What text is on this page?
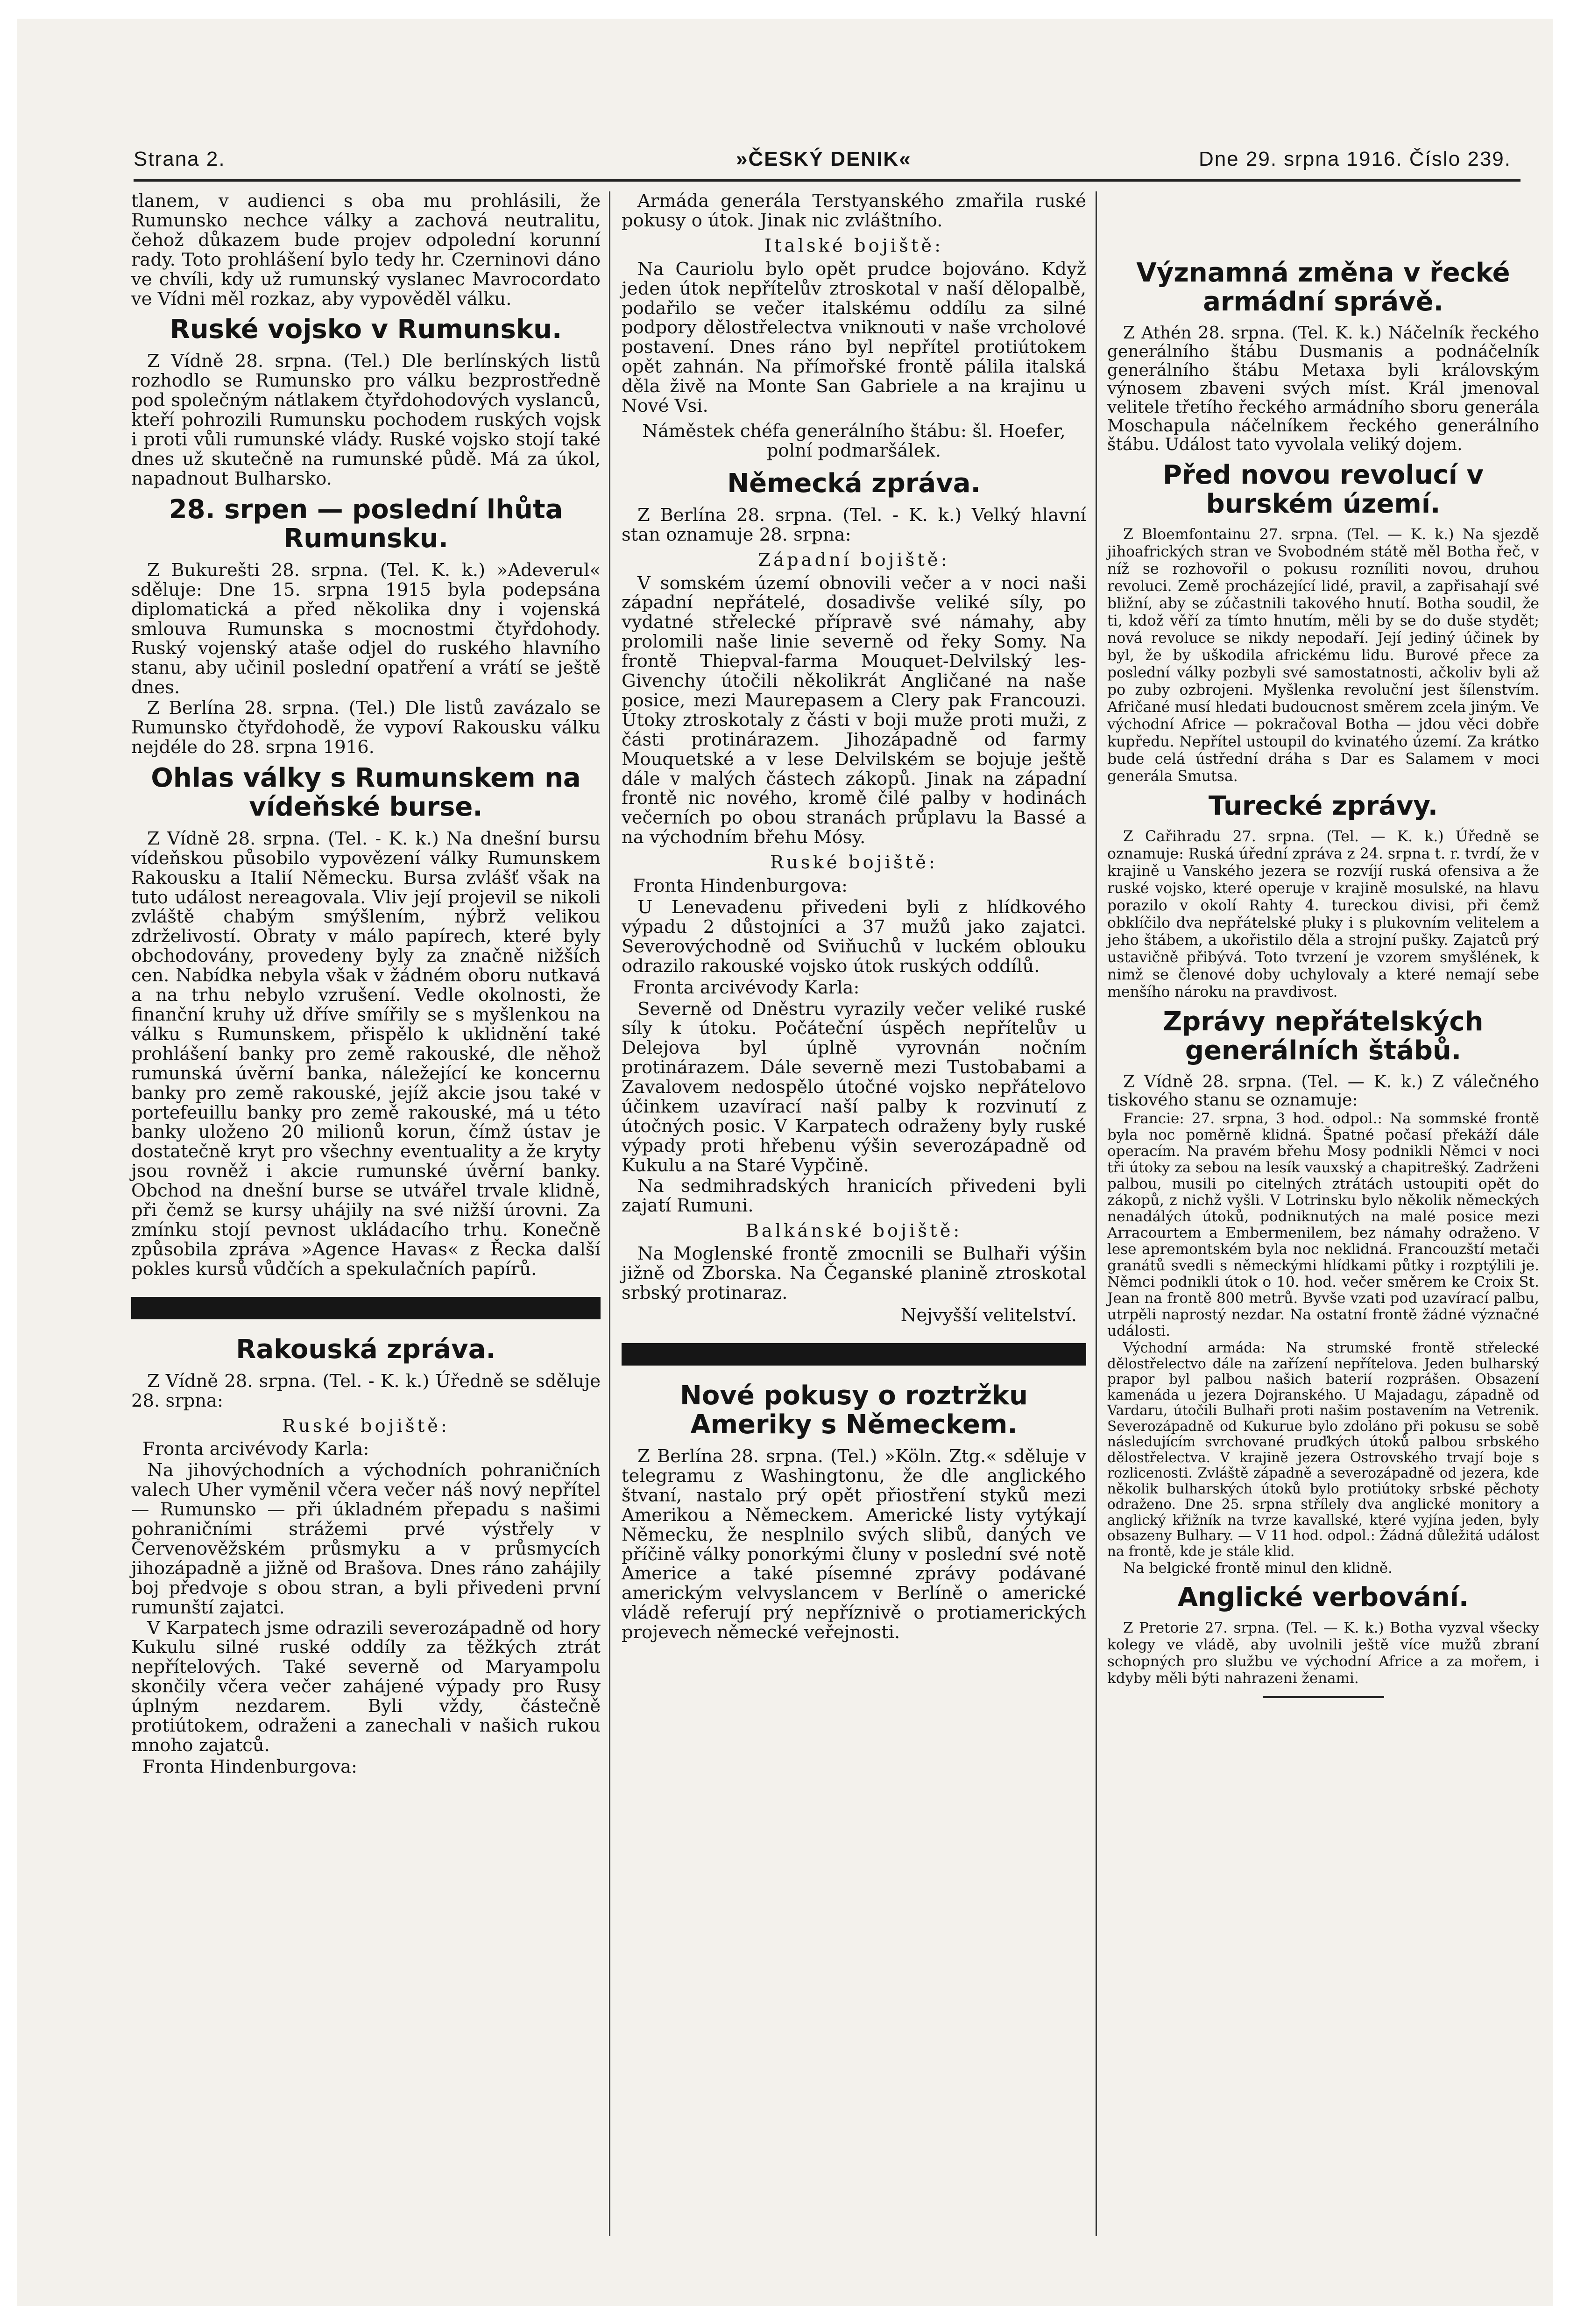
Strana 2.	»ČESKÝ DENIK«	Dne 29. srpna 1916. Číslo 239.

tlanem, v audienci s oba mu prohlásili, že Rumunsko nechce války a zachová neutralitu, čehož důkazem bude projev odpolední korunní rady. Toto prohlášení bylo tedy hr. Czerninovi dáno ve chvíli, kdy už rumunský vyslanec Mavrocordato ve Vídni měl rozkaz, aby vypověděl válku.

Ruské vojsko v Rumunsku.

Z Vídně 28. srpna. (Tel.) Dle berlínských listů rozhodlo se Rumunsko pro válku bezprostředně pod společným nátlakem čtyřdohodových vyslanců, kteří pohrozili Rumunsku pochodem ruských vojsk i proti vůli rumunské vlády. Ruské vojsko stojí také dnes už skutečně na rumunské půdě. Má za úkol, napadnout Bulharsko.

28. srpen — poslední lhůta Rumunsku.

Z Bukurešti 28. srpna. (Tel. K. k.) »Adeverul« sděluje: Dne 15. srpna 1915 byla podepsána diplomatická a před několika dny i vojenská smlouva Rumunska s mocnostmi čtyřdohody. Ruský vojenský ataše odjel do ruského hlavního stanu, aby učinil poslední opatření a vrátí se ještě dnes.

Z Berlína 28. srpna. (Tel.) Dle listů zavázalo se Rumunsko čtyřdohodě, že vypoví Rakousku válku nejdéle do 28. srpna 1916.

Ohlas války s Rumunskem na vídeňské burse.

Z Vídně 28. srpna. (Tel. - K. k.) Na dnešní bursu vídeňskou působilo vypovězení války Rumunskem Rakousku a Italií Německu. Bursa zvlášť však na tuto událost nereagovala. Vliv její projevil se nikoli zvláště chabým smýšlením, nýbrž velikou zdrželivostí. Obraty v málo papírech, které byly obchodovány, provedeny byly za značně nižších cen. Nabídka nebyla však v žádném oboru nutkavá a na trhu nebylo vzrušení. Vedle okolnosti, že finanční kruhy už dříve smířily se s myšlenkou na válku s Rumunskem, přispělo k uklidnění také prohlášení banky pro země rakouské, dle něhož rumunská úvěrní banka, náležející ke koncernu banky pro země rakouské, jejíž akcie jsou také v portefeuillu banky pro země rakouské, má u této banky uloženo 20 milionů korun, čímž ústav je dostatečně kryt pro všechny eventuality a že kryty jsou rovněž i akcie rumunské úvěrní banky. Obchod na dnešní burse se utvářel trvale klidně, při čemž se kursy uhájily na své nižší úrovni. Za zmínku stojí pevnost ukládacího trhu. Konečně způsobila zpráva »Agence Havas« z Řecka další pokles kursů vůdčích a spekulačních papírů.

Rakouská zpráva.

Z Vídně 28. srpna. (Tel. - K. k.) Úředně se sděluje 28. srpna:

Ruské bojiště:
Fronta arcivévody Karla:

Na jihovýchodních a východních pohraničních valech Uher vyměnil včera večer náš nový nepřítel — Rumunsko — při úkladném přepadu s našimi pohraničními strážemi prvé výstřely v Červenověžském průsmyku a v průsmycích jihozápadně a jižně od Brašova. Dnes ráno zahájily boj předvoje s obou stran, a byli přivedeni první rumunští zajatci.

V Karpatech jsme odrazili severozápadně od hory Kukulu silné ruské oddíly za těžkých ztrát nepřítelových. Také severně od Maryampolu skončily včera večer zahájené výpady pro Rusy úplným nezdarem. Byli vždy, částečně protiútokem, odraženi a zanechali v našich rukou mnoho zajatců.

Fronta Hindenburgova:

Armáda generála Terstyanského zmařila ruské pokusy o útok. Jinak nic zvláštního.

Italské bojiště:

Na Cauriolu bylo opět prudce bojováno. Když jeden útok nepřítelův ztroskotal v naší dělopalbě, podařilo se večer italskému oddílu za silné podpory dělostřelectva vniknouti v naše vrcholové postavení. Dnes ráno byl nepřítel protiútokem opět zahnán. Na přímořské frontě pálila italská děla živě na Monte San Gabriele a na krajinu u Nové Vsi.

Náměstek chéfa generálního štábu: šl. Hoefer, polní podmaršálek.
Německá zpráva.

Z Berlína 28. srpna. (Tel. - K. k.) Velký hlavní stan oznamuje 28. srpna:

Západní bojiště:

V somském území obnovili večer a v noci naši západní nepřátelé, dosadivše veliké síly, po vydatné střelecké přípravě své námahy, aby prolomili naše linie severně od řeky Somy. Na frontě Thiepval-farma Mouquet-Delvilský les-Givenchy útočili několikrát Angličané na naše posice, mezi Maurepasem a Clery pak Francouzi. Útoky ztroskotaly z části v boji muže proti muži, z části protinárazem. Jihozápadně od farmy Mouquetské a v lese Delvilském se bojuje ještě dále v malých částech zákopů. Jinak na západní frontě nic nového, kromě čilé palby v hodinách večerních po obou stranách průplavu la Bassé a na východním břehu Mósy.

Ruské bojiště:
Fronta Hindenburgova:

U Lenevadenu přivedeni byli z hlídkového výpadu 2 důstojníci a 37 mužů jako zajatci. Severovýchodně od Sviňuchů v luckém oblouku odrazilo rakouské vojsko útok ruských oddílů.

Fronta arcivévody Karla:

Severně od Dněstru vyrazily večer veliké ruské síly k útoku. Počáteční úspěch nepřítelův u Delejova byl úplně vyrovnán nočním protinárazem. Dále severně mezi Tustobabami a Zavalovem nedospělo útočné vojsko nepřátelovo účinkem uzavírací naší palby k rozvinutí z útočných posic. V Karpatech odraženy byly ruské výpady proti hřebenu výšin severozápadně od Kukulu a na Staré Vypčině.

Na sedmihradských hranicích přivedeni byli zajatí Rumuni.

Balkánské bojiště:

Na Moglenské frontě zmocnili se Bulhaři výšin jižně od Zborska. Na Čeganské planině ztroskotal srbský protinaraz.

Nejvyšší velitelství.
Nové pokusy o roztržku Ameriky s Německem.

Z Berlína 28. srpna. (Tel.) »Köln. Ztg.« sděluje v telegramu z Washingtonu, že dle anglického štvaní, nastalo prý opět přiostření styků mezi Amerikou a Německem. Americké listy vytýkají Německu, že nesplnilo svých slibů, daných ve příčině války ponorkými čluny v poslední své notě Americe a také písemné zprávy podávané americkým velvyslancem v Berlíně o americké vládě referují prý nepříznivě o protiamerických projevech německé veřejnosti.

Významná změna v řecké armádní správě.

Z Athén 28. srpna. (Tel. K. k.) Náčelník řeckého generálního štábu Dusmanis a podnáčelník generálního štábu Metaxa byli královským výnosem zbaveni svých míst. Král jmenoval velitele třetího řeckého armádního sboru generála Moschapula náčelníkem řeckého generálního štábu. Událost tato vyvolala veliký dojem.

Před novou revolucí v burském území.

Z Bloemfontainu 27. srpna. (Tel. — K. k.) Na sjezdě jihoafrických stran ve Svobodném státě měl Botha řeč, v níž se rozhovořil o pokusu rozníliti novou, druhou revoluci. Země procházející lidé, pravil, a zapřisahají své bližní, aby se zúčastnili takového hnutí. Botha soudil, že ti, kdož věří za tímto hnutím, měli by se do duše stydět; nová revoluce se nikdy nepodaří. Její jediný účinek by byl, že by uškodila africkému lidu. Burové přece za poslední války pozbyli své samostatnosti, ačkoliv byli až po zuby ozbrojeni. Myšlenka revoluční jest šílenstvím. Afričané musí hledati budoucnost směrem zcela jiným. Ve východní Africe — pokračoval Botha — jdou věci dobře kupředu. Nepřítel ustoupil do kvinatého území. Za krátko bude celá ústřední dráha s Dar es Salamem v moci generála Smutsa.

Turecké zprávy.

Z Cařihradu 27. srpna. (Tel. — K. k.) Úředně se oznamuje: Ruská úřední zpráva z 24. srpna t. r. tvrdí, že v krajině u Vanského jezera se rozvíjí ruská ofensiva a že ruské vojsko, které operuje v krajině mosulské, na hlavu porazilo v okolí Rahty 4. tureckou divisi, při čemž obklíčilo dva nepřátelské pluky i s plukovním velitelem a jeho štábem, a ukořistilo děla a strojní pušky. Zajatců prý ustavičně přibývá. Toto tvrzení je vzorem smyšlének, k nimž se členové doby uchylovaly a které nemají sebe menšího nároku na pravdivost.

Zprávy nepřátelských generálních štábů.

Z Vídně 28. srpna. (Tel. — K. k.) Z válečného tiskového stanu se oznamuje:

Francie: 27. srpna, 3 hod. odpol.: Na sommské frontě byla noc poměrně klidná. Špatné počasí překáží dále operacím. Na pravém břehu Mosy podnikli Němci v noci tři útoky za sebou na lesík vauxský a chapitrešký. Zadrženi palbou, musili po citelných ztrátách ustoupiti opět do zákopů, z nichž vyšli. V Lotrinsku bylo několik německých nenadálých útoků, podniknutých na malé posice mezi Arracourtem a Embermenilem, bez námahy odraženo. V lese apremontském byla noc neklidná. Francouzští metači granátů svedli s německými hlídkami půtky i rozptýlili je. Němci podnikli útok o 10. hod. večer směrem ke Croix St. Jean na frontě 800 metrů. Byvše vzati pod uzavírací palbu, utrpěli naprostý nezdar. Na ostatní frontě žádné význačné události.

Východní armáda: Na strumské frontě střelecké dělostřelectvo dále na zařízení nepřítelova. Jeden bulharský prapor byl palbou našich baterií rozprášen. Obsazení kamenáda u jezera Dojranského. U Majadagu, západně od Vardaru, útočili Bulhaři proti našim postavením na Vetrenik. Severozápadně od Kukurue bylo zdoláno při pokusu se sobě následujícím svrchované pruďkých útoků palbou srbského dělostřelectva. V krajině jezera Ostrovského trvají boje s rozlicenosti. Zvláště západně a severozápadně od jezera, kde několik bulharských útoků bylo protiútoky srbské pěchoty odraženo. Dne 25. srpna střílely dva anglické monitory a anglický křižník na tvrze kavallské, které vyjína jeden, byly obsazeny Bulhary. — V 11 hod. odpol.: Žádná důležitá událost na frontě, kde je stále klid.

Na belgické frontě minul den klidně.

Anglické verbování.

Z Pretorie 27. srpna. (Tel. — K. k.) Botha vyzval všecky kolegy ve vládě, aby uvolnili ještě více mužů zbraní schopných pro službu ve východní Africe a za mořem, i kdyby měli býti nahrazeni ženami.
